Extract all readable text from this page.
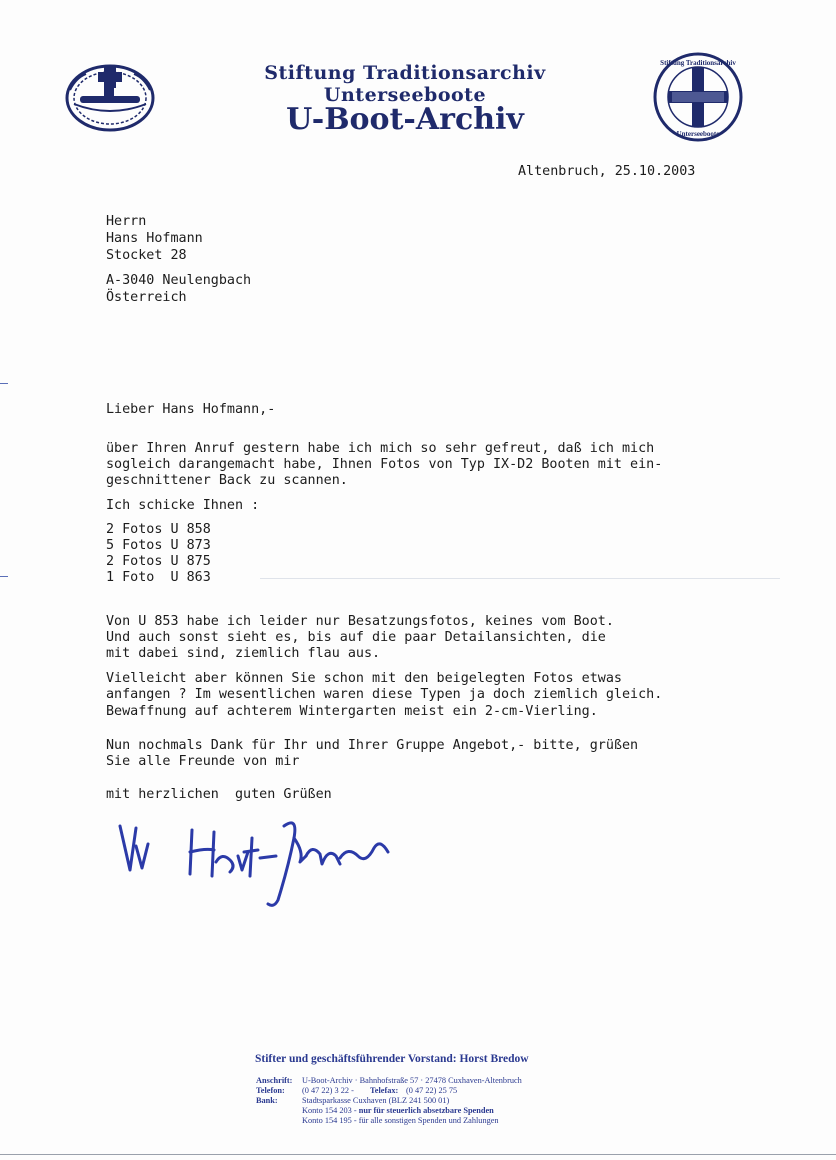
Stiftung Traditionsarchiv
Unterseeboote
Stiftung Traditionsarchiv Unterseeboote
U-Boot-Archiv
Altenbruch, 25.10.2003
Herrn
Hans Hofmann
Stocket 28
A-3040 Neulengbach
Österreich
Lieber Hans Hofmann,-
über Ihren Anruf gestern habe ich mich so sehr gefreut, daß ich mich
sogleich darangemacht habe, Ihnen Fotos von Typ IX-D2 Booten mit ein-
geschnittener Back zu scannen.
Ich schicke Ihnen :
2 Fotos U 858
5 Fotos U 873
2 Fotos U 875
1 Foto  U 863
Von U 853 habe ich leider nur Besatzungsfotos, keines vom Boot.
Und auch sonst sieht es, bis auf die paar Detailansichten, die
mit dabei sind, ziemlich flau aus.
Vielleicht aber können Sie schon mit den beigelegten Fotos etwas
anfangen ? Im wesentlichen waren diese Typen ja doch ziemlich gleich.
Bewaffnung auf achterem Wintergarten meist ein 2-cm-Vierling.
Nun nochmals Dank für Ihr und Ihrer Gruppe Angebot,- bitte, grüßen
Sie alle Freunde von mir
mit herzlichen  guten Grüßen
Stifter und geschäftsführender Vorstand: Horst Bredow
Anschrift: U-Boot-Archiv · Bahnhofstraße 57 · 27478 Cuxhaven-Altenbruch
Telefon: (0 47 22) 3 22 - Telefax: (0 47 22) 25 75
Bank:	Stadtsparkasse Cuxhaven (BLZ 241 500 01)
Konto 154 203 - nur für steuerlich absetzbare Spenden
Konto 154 195 - für alle sonstigen Spenden und Zahlungen
